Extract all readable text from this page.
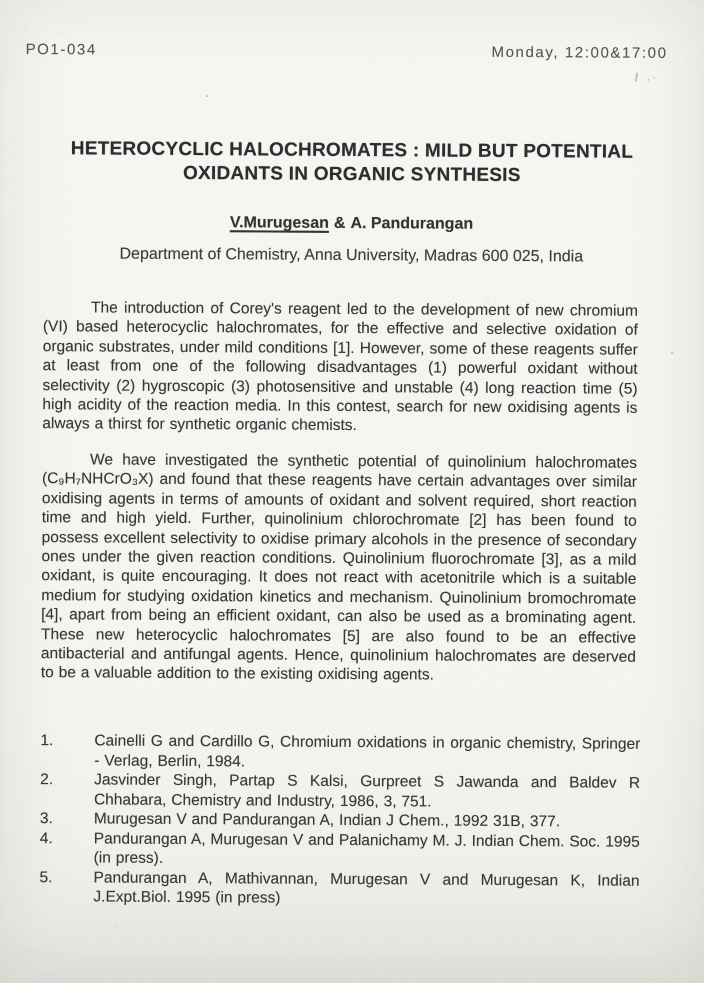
PO1-034	Monday, 12:00&17:00
HETEROCYCLIC HALOCHROMATES : MILD BUT POTENTIAL
OXIDANTS IN ORGANIC SYNTHESIS
V.Murugesan & A. Pandurangan
Department of Chemistry, Anna University, Madras 600 025, India

The introduction of Corey's reagent led to the development of new chromium (VI) based heterocyclic halochromates, for the effective and selective oxidation of organic substrates, under mild conditions [1]. However, some of these reagents suffer at least from one of the following disadvantages (1) powerful oxidant without selectivity (2) hygroscopic (3) photosensitive and unstable (4) long reaction time (5) high acidity of the reaction media. In this contest, search for new oxidising agents is always a thirst for synthetic organic chemists.

We have investigated the synthetic potential of quinolinium halochromates (C₉H₇NHCrO₃X) and found that these reagents have certain advantages over similar oxidising agents in terms of amounts of oxidant and solvent required, short reaction time and high yield. Further, quinolinium chlorochromate [2] has been found to possess excellent selectivity to oxidise primary alcohols in the presence of secondary ones under the given reaction conditions. Quinolinium fluorochromate [3], as a mild oxidant, is quite encouraging. It does not react with acetonitrile which is a suitable medium for studying oxidation kinetics and mechanism. Quinolinium bromochromate [4], apart from being an efficient oxidant, can also be used as a brominating agent. These new heterocyclic halochromates [5] are also found to be an effective antibacterial and antifungal agents. Hence, quinolinium halochromates are deserved to be a valuable addition to the existing oxidising agents.

1.	Cainelli G and Cardillo G, Chromium oxidations in organic chemistry, Springer - Verlag, Berlin, 1984.
2.	Jasvinder Singh, Partap S Kalsi, Gurpreet S Jawanda and Baldev R Chhabara, Chemistry and Industry, 1986, 3, 751.
3.	Murugesan V and Pandurangan A, Indian J Chem., 1992 31B, 377.
4.	Pandurangan A, Murugesan V and Palanichamy M. J. Indian Chem. Soc. 1995 (in press).
5.	Pandurangan A, Mathivannan, Murugesan V and Murugesan K, Indian J.Expt.Biol. 1995 (in press)
